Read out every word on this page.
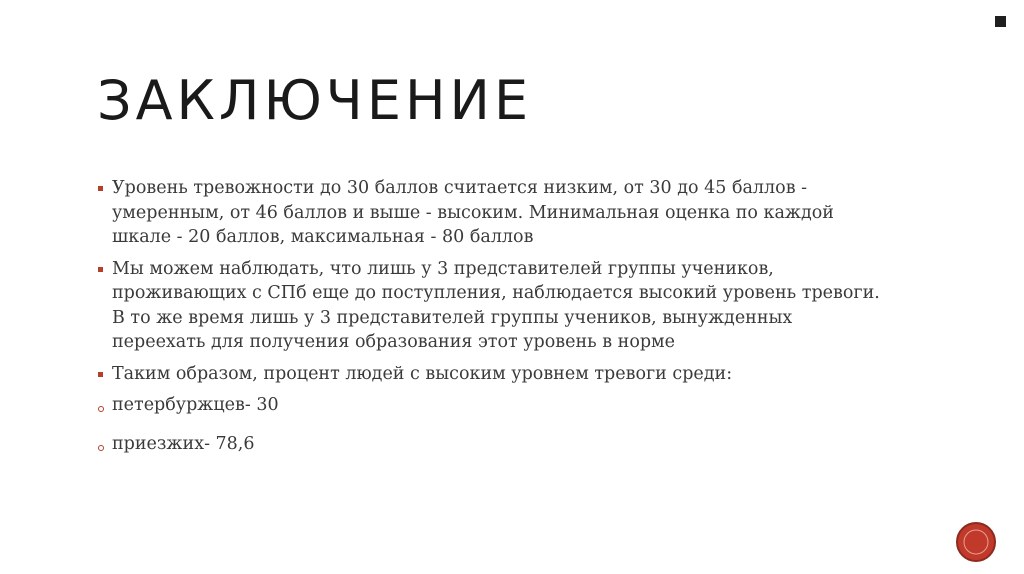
ЗАКЛЮЧЕНИЕ
Уровень тревожности до 30 баллов считается низким, от 30 до 45 баллов - умеренным, от 46 баллов и выше - высоким. Минимальная оценка по каждой шкале - 20 баллов, максимальная - 80 баллов
Мы можем наблюдать, что лишь у 3 представителей группы учеников, проживающих с СПб еще до поступления, наблюдается высокий уровень тревоги. В то же время лишь у 3 представителей группы учеников, вынужденных переехать для получения образования этот уровень в норме
Таким образом, процент людей с высоким уровнем тревоги среди:
петербуржцев- 30
приезжих- 78,6
